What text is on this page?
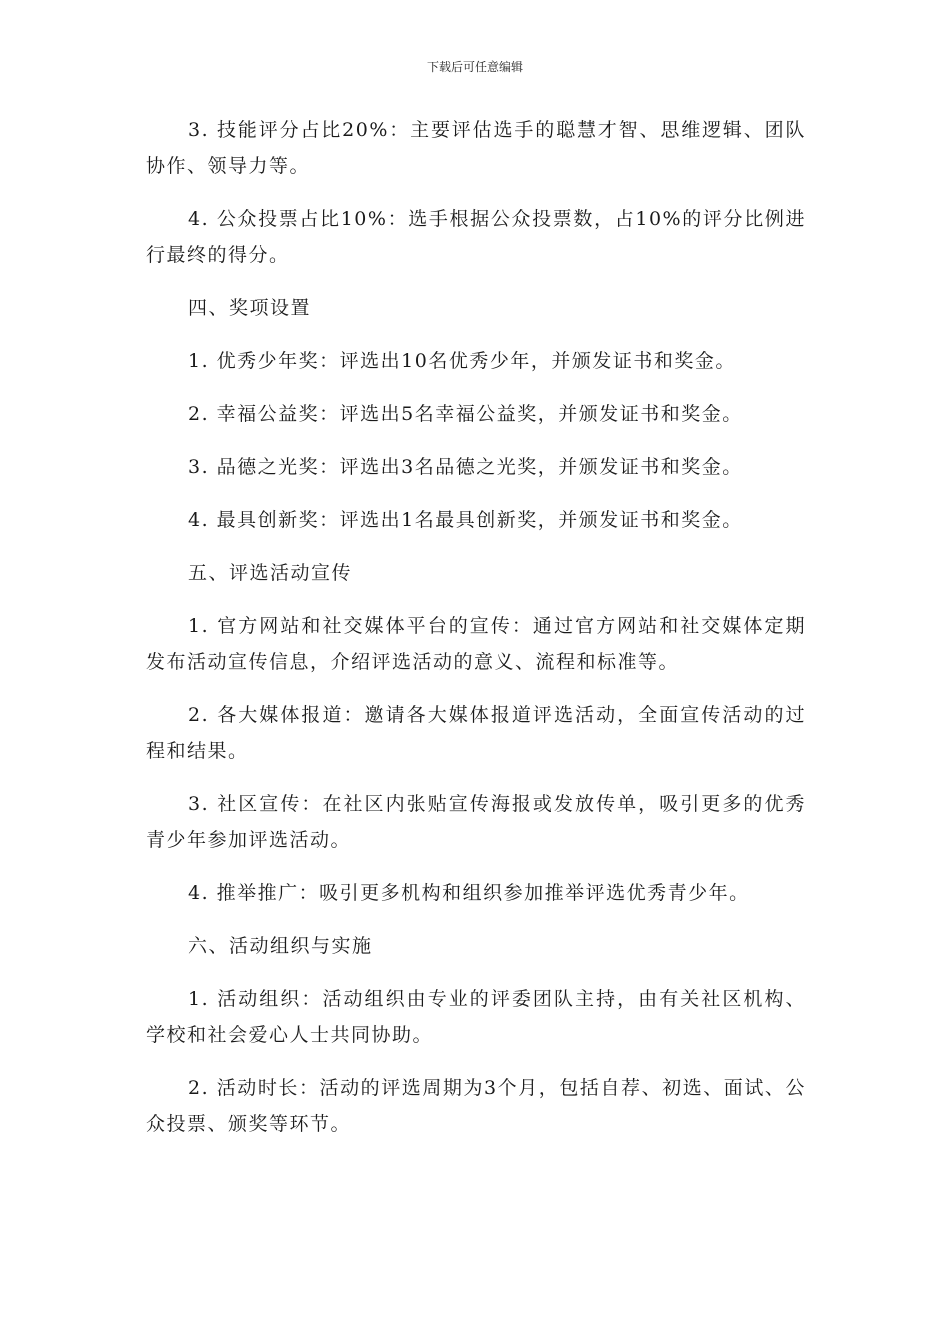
下载后可任意编辑

3. 技能评分占比20%：主要评估选手的聪慧才智、思维逻辑、团队协作、领导力等。

4. 公众投票占比10%：选手根据公众投票数，占10%的评分比例进行最终的得分。

四、奖项设置

1. 优秀少年奖：评选出10名优秀少年，并颁发证书和奖金。

2. 幸福公益奖：评选出5名幸福公益奖，并颁发证书和奖金。

3. 品德之光奖：评选出3名品德之光奖，并颁发证书和奖金。

4. 最具创新奖：评选出1名最具创新奖，并颁发证书和奖金。

五、评选活动宣传

1. 官方网站和社交媒体平台的宣传：通过官方网站和社交媒体定期发布活动宣传信息，介绍评选活动的意义、流程和标准等。

2. 各大媒体报道：邀请各大媒体报道评选活动，全面宣传活动的过程和结果。

3. 社区宣传：在社区内张贴宣传海报或发放传单，吸引更多的优秀青少年参加评选活动。

4. 推举推广：吸引更多机构和组织参加推举评选优秀青少年。

六、活动组织与实施

1. 活动组织：活动组织由专业的评委团队主持，由有关社区机构、学校和社会爱心人士共同协助。

2. 活动时长：活动的评选周期为3个月，包括自荐、初选、面试、公众投票、颁奖等环节。
